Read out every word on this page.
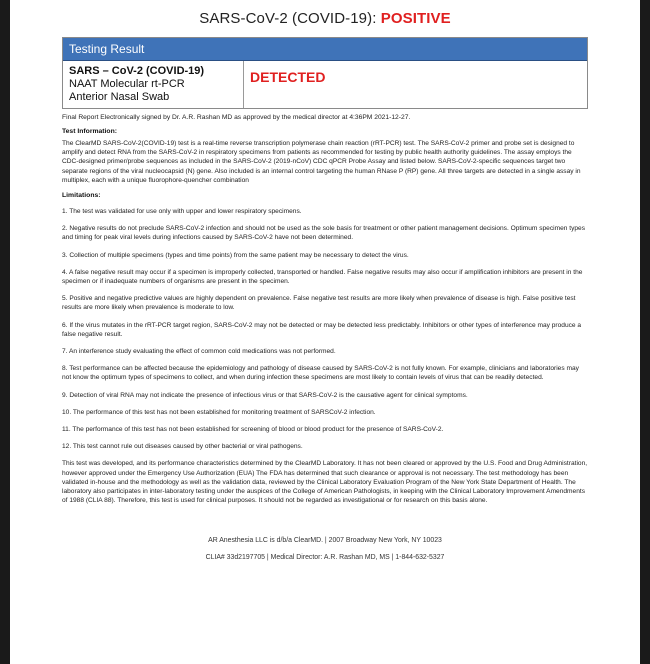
SARS-CoV-2 (COVID-19): POSITIVE
Testing Result
SARS – CoV-2 (COVID-19)
NAAT Molecular rt-PCR
Anterior Nasal Swab
DETECTED
Final Report Electronically signed by Dr. A.R. Rashan MD as approved by the medical director at 4:36PM 2021-12-27.
Test Information:
The ClearMD SARS-CoV-2(COVID-19) test is a real-time reverse transcription polymerase chain reaction (rRT-PCR) test. The SARS-CoV-2 primer and probe set is designed to amplify and detect RNA from the SARS-CoV-2 in respiratory specimens from patients as recommended for testing by public health authority guidelines. The assay employs the CDC-designed primer/probe sequences as included in the SARS-CoV-2 (2019-nCoV) CDC qPCR Probe Assay and listed below. SARS-CoV-2-specific sequences target two separate regions of the viral nucleocapsid (N) gene. Also included is an internal control targeting the human RNase P (RP) gene. All three targets are detected in a single assay in multiplex, each with a unique fluorophore-quencher combination
Limitations:
1. The test was validated for use only with upper and lower respiratory specimens.
2. Negative results do not preclude SARS-CoV-2 infection and should not be used as the sole basis for treatment or other patient management decisions. Optimum specimen types and timing for peak viral levels during infections caused by SARS-CoV-2 have not been determined.
3. Collection of multiple specimens (types and time points) from the same patient may be necessary to detect the virus.
4. A false negative result may occur if a specimen is improperly collected, transported or handled. False negative results may also occur if amplification inhibitors are present in the specimen or if inadequate numbers of organisms are present in the specimen.
5. Positive and negative predictive values are highly dependent on prevalence. False negative test results are more likely when prevalence of disease is high. False positive test results are more likely when prevalence is moderate to low.
6. If the virus mutates in the rRT-PCR target region, SARS-CoV-2 may not be detected or may be detected less predictably. Inhibitors or other types of interference may produce a false negative result.
7. An interference study evaluating the effect of common cold medications was not performed.
8. Test performance can be affected because the epidemiology and pathology of disease caused by SARS-CoV-2 is not fully known. For example, clinicians and laboratories may not know the optimum types of specimens to collect, and when during infection these specimens are most likely to contain levels of virus that can be readily detected.
9. Detection of viral RNA may not indicate the presence of infectious virus or that SARS-CoV-2 is the causative agent for clinical symptoms.
10. The performance of this test has not been established for monitoring treatment of SARSCoV-2 infection.
11. The performance of this test has not been established for screening of blood or blood product for the presence of SARS-CoV-2.
12. This test cannot rule out diseases caused by other bacterial or viral pathogens.
This test was developed, and its performance characteristics determined by the ClearMD Laboratory. It has not been cleared or approved by the U.S. Food and Drug Administration, however approved under the Emergency Use Authorization (EUA) The FDA has determined that such clearance or approval is not necessary. The test methodology has been validated in-house and the methodology as well as the validation data, reviewed by the Clinical Laboratory Evaluation Program of the New York State Department of Health. The laboratory also participates in inter-laboratory testing under the auspices of the College of American Pathologists, in keeping with the Clinical Laboratory Improvement Amendments of 1988 (CLIA 88). Therefore, this test is used for clinical purposes. It should not be regarded as investigational or for research on this basis alone.
AR Anesthesia LLC is d/b/a ClearMD. | 2007 Broadway New York, NY 10023
CLIA# 33d2197705 | Medical Director: A.R. Rashan MD, MS | 1-844-632-5327
